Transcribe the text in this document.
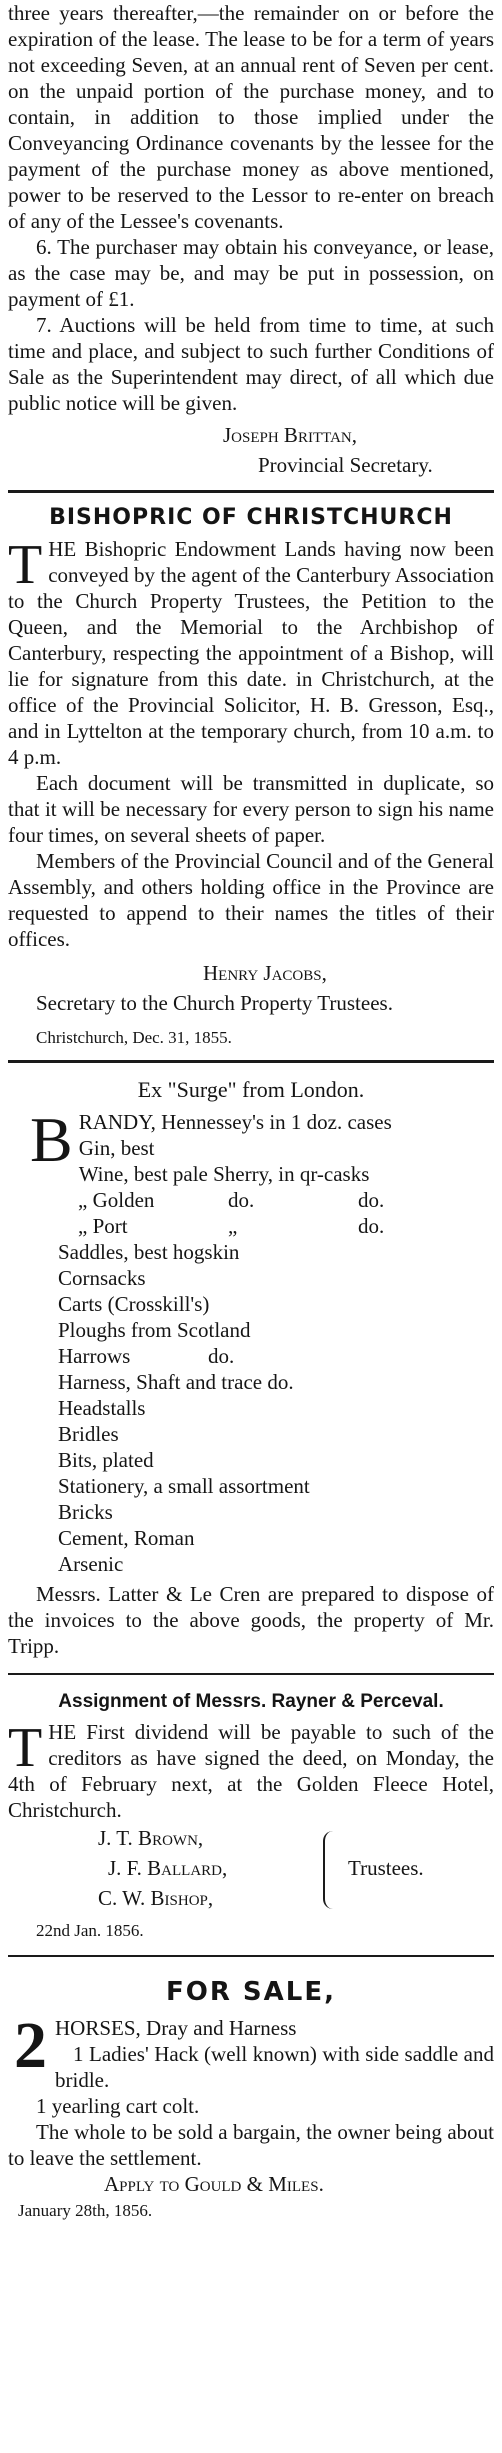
three years thereafter,—the remainder on or before the expiration of the lease. The lease to be for a term of years not exceeding Seven, at an annual rent of Seven per cent. on the unpaid portion of the purchase money, and to contain, in addition to those implied under the Conveyancing Ordinance covenants by the lessee for the payment of the purchase money as above mentioned, power to be reserved to the Lessor to re-enter on breach of any of the Lessee's covenants.

6. The purchaser may obtain his conveyance, or lease, as the case may be, and may be put in possession, on payment of £1.

7. Auctions will be held from time to time, at such time and place, and subject to such further Conditions of Sale as the Superintendent may direct, of all which due public notice will be given.

Joseph Brittan,
Provincial Secretary.
BISHOPRIC OF CHRISTCHURCH

T HE Bishopric Endowment Lands having now been conveyed by the agent of the Canterbury Association to the Church Property Trustees, the Petition to the Queen, and the Memorial to the Archbishop of Canterbury, respecting the appointment of a Bishop, will lie for signature from this date. in Christchurch, at the office of the Provincial Solicitor, H. B. Gresson, Esq., and in Lyttelton at the temporary church, from 10 a.m. to 4 p.m.

Each document will be transmitted in duplicate, so that it will be necessary for every person to sign his name four times, on several sheets of paper.

Members of the Provincial Council and of the General Assembly, and others holding office in the Province are requested to append to their names the titles of their offices.

Henry Jacobs,
Secretary to the Church Property Trustees.
Christchurch, Dec. 31, 1855.
Ex "Surge" from London.
B RANDY, Hennessey's in 1 doz. cases
Gin, best
Wine, best pale Sherry, in qr-casks
„ Golden	do.	do.
„ Port	„	do.
Saddles, best hogskin
Cornsacks
Carts (Crosskill's)
Ploughs from Scotland
Harrows	do.
Harness, Shaft and trace do.
Headstalls
Bridles
Bits, plated
Stationery, a small assortment
Bricks
Cement, Roman
Arsenic

Messrs. Latter & Le Cren are prepared to dispose of the invoices to the above goods, the property of Mr. Tripp.

Assignment of Messrs. Rayner & Perceval.

T HE First dividend will be payable to such of the creditors as have signed the deed, on Monday, the 4th of February next, at the Golden Fleece Hotel, Christchurch.

J. T. Brown,
J. F. Ballard,
C. W. Bishop,
Trustees.
22nd Jan. 1856.
FOR SALE,

2 HORSES, Dray and Harness
1 Ladies' Hack (well known) with side saddle and bridle.

1 yearling cart colt.

The whole to be sold a bargain, the owner being about to leave the settlement.

Apply to Gould & Miles.

January 28th, 1856.
